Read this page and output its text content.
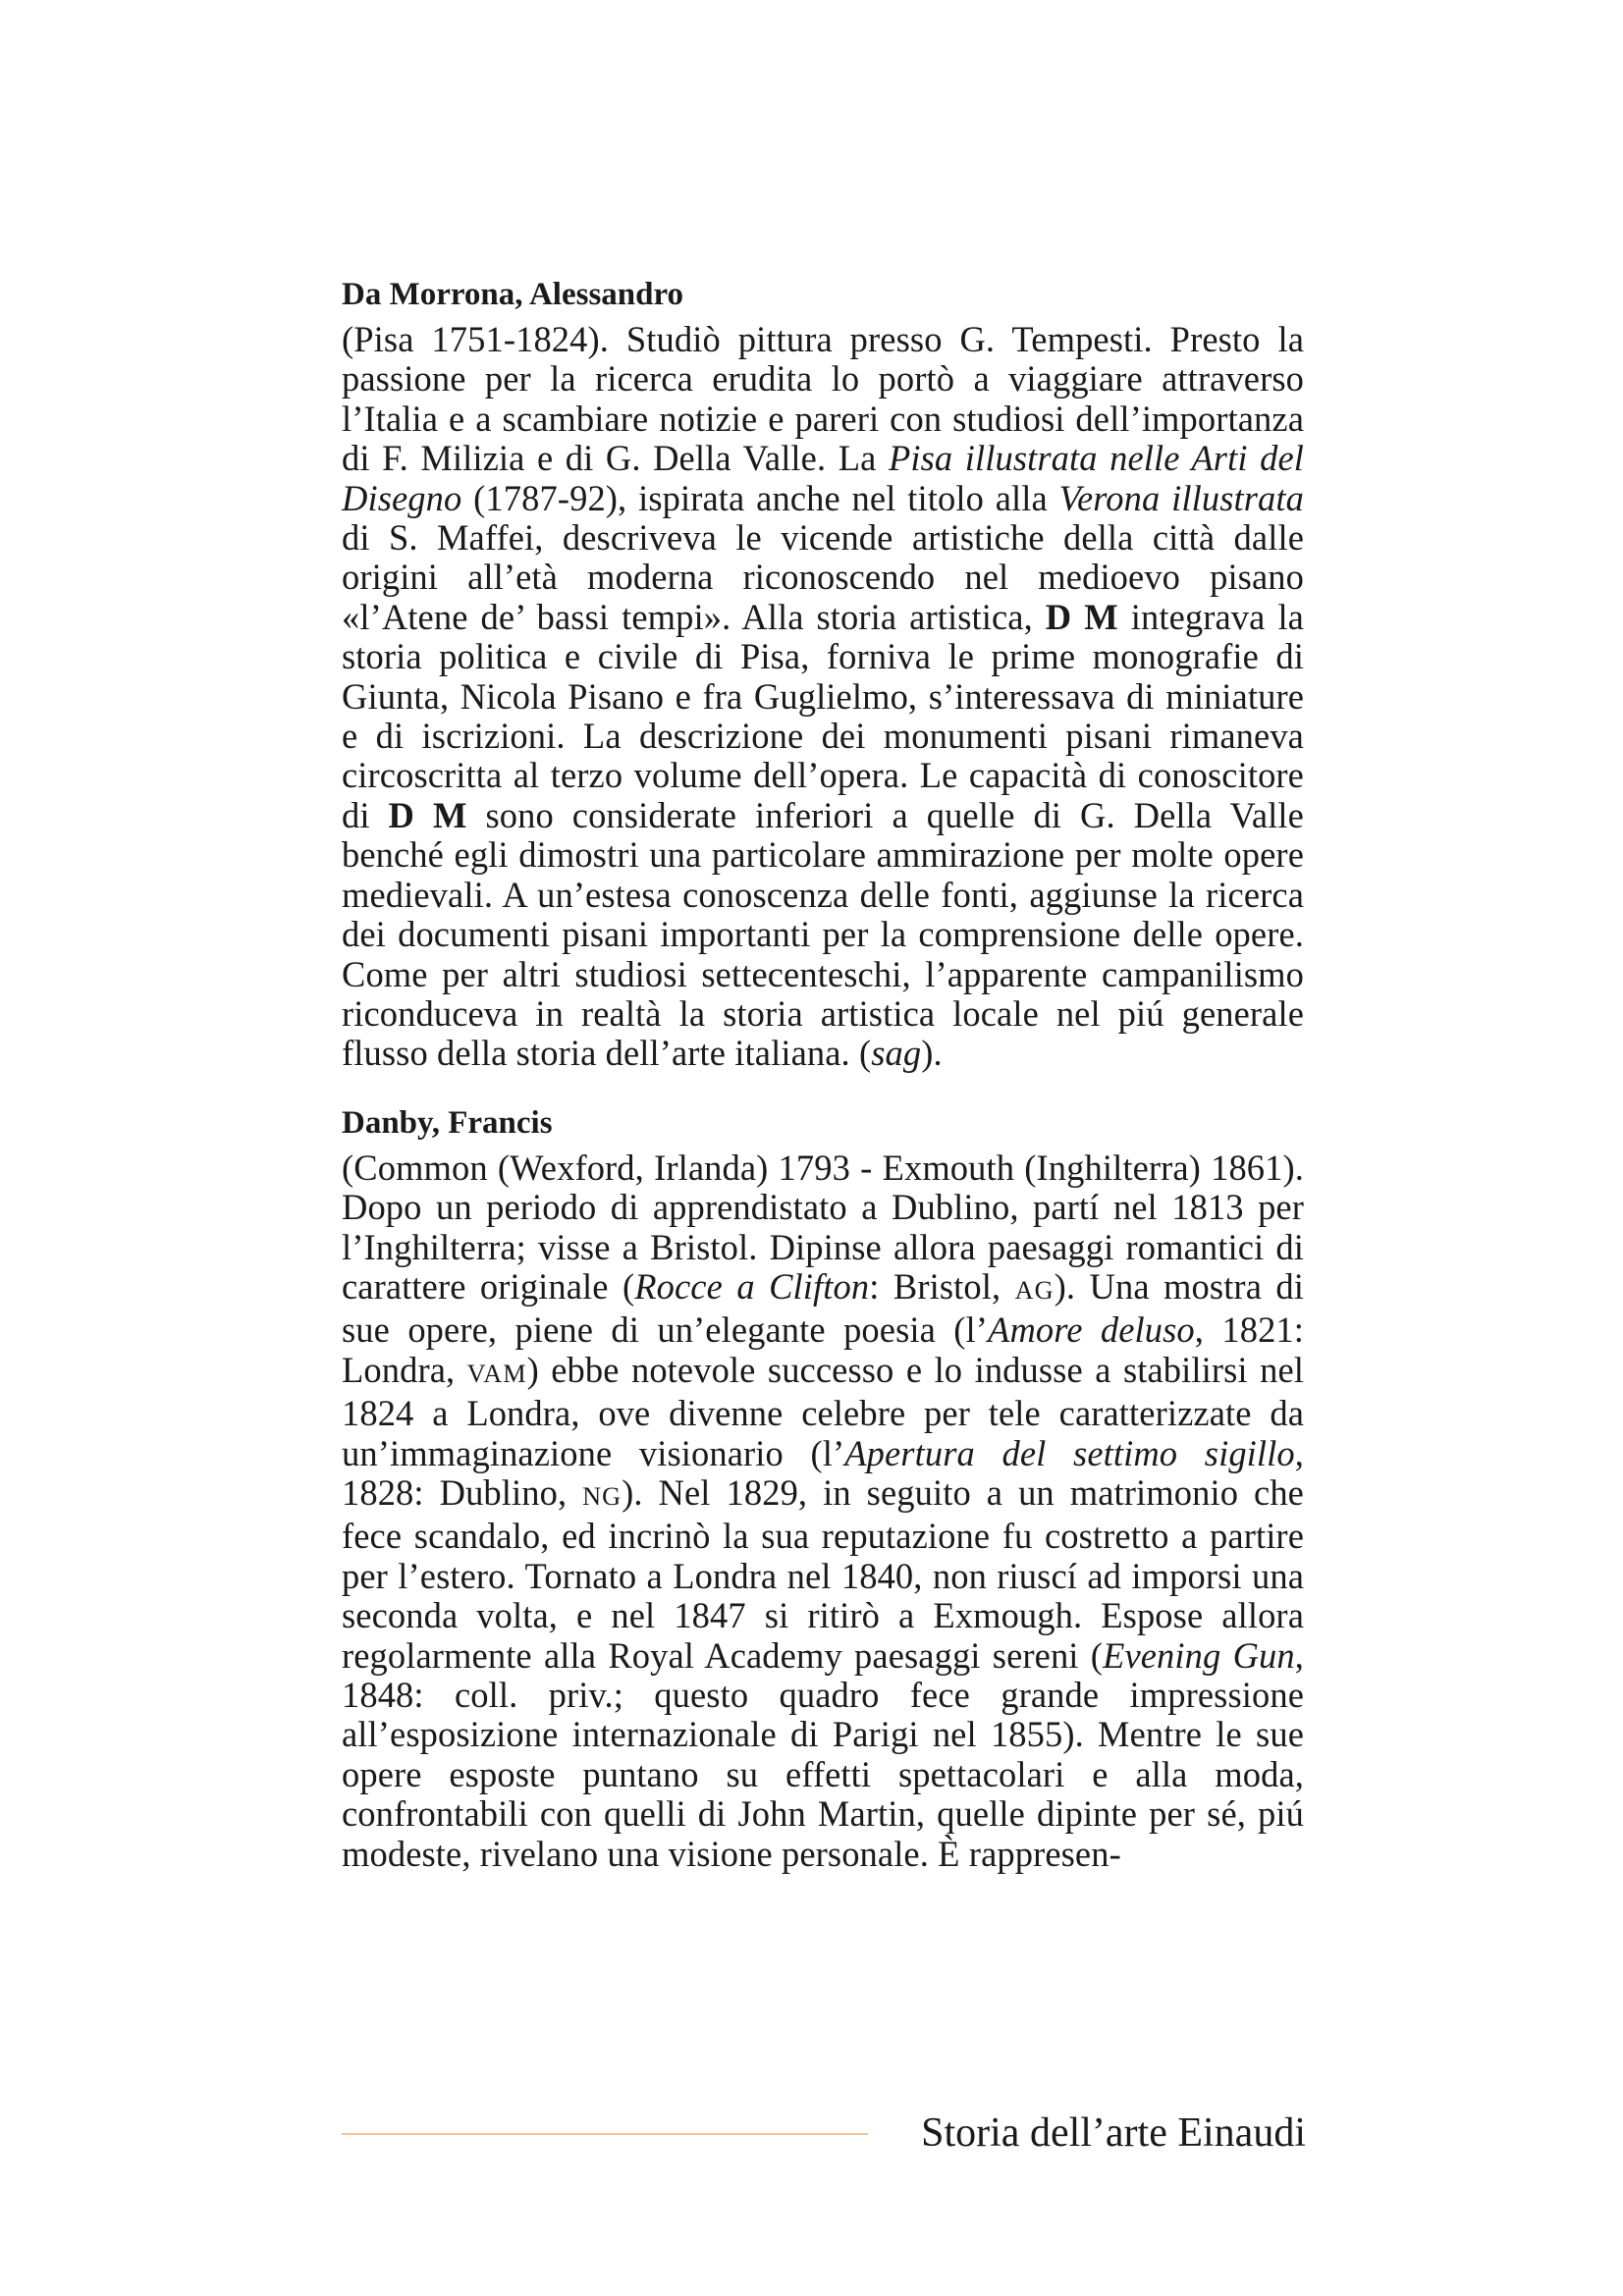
Da Morrona, Alessandro

(Pisa 1751-1824). Studiò pittura presso G. Tempesti. Presto la passione per la ricerca erudita lo portò a viaggiare attraverso l’Italia e a scambiare notizie e pareri con studiosi dell’importanza di F. Milizia e di G. Della Valle. La Pisa illustrata nelle Arti del Disegno (1787-92), ispirata anche nel titolo alla Verona illustrata di S. Maffei, descriveva le vicende artistiche della città dalle origini all’età moderna riconoscendo nel medioevo pisano «l’Atene de’ bassi tempi». Alla storia artistica, D M integrava la storia politica e civile di Pisa, forniva le prime monografie di Giunta, Nicola Pisano e fra Guglielmo, s’interessava di miniature e di iscrizioni. La descrizione dei monumenti pisani rimaneva circoscritta al terzo volume dell’opera. Le capacità di conoscitore di D M sono considerate inferiori a quelle di G. Della Valle benché egli dimostri una particolare ammirazione per molte opere medievali. A un’estesa conoscenza delle fonti, aggiunse la ricerca dei documenti pisani importanti per la comprensione delle opere. Come per altri studiosi settecenteschi, l’apparente campanilismo riconduceva in realtà la storia artistica locale nel piú generale flusso della storia dell’arte italiana. (sag).

Danby, Francis

(Common (Wexford, Irlanda) 1793 - Exmouth (Inghilterra) 1861). Dopo un periodo di apprendistato a Dublino, partí nel 1813 per l’Inghilterra; visse a Bristol. Dipinse allora paesaggi romantici di carattere originale (Rocce a Clifton: Bristol, AG). Una mostra di sue opere, piene di un’elegante poesia (l’Amore deluso, 1821: Londra, VAM) ebbe notevole successo e lo indusse a stabilirsi nel 1824 a Londra, ove divenne celebre per tele caratterizzate da un’immaginazione visionario (l’Apertura del settimo sigillo, 1828: Dublino, NG). Nel 1829, in seguito a un matrimonio che fece scandalo, ed incrinò la sua reputazione fu costretto a partire per l’estero. Tornato a Londra nel 1840, non riuscí ad imporsi una seconda volta, e nel 1847 si ritirò a Exmough. Espose allora regolarmente alla Royal Academy paesaggi sereni (Evening Gun, 1848: coll. priv.; questo quadro fece grande impressione all’esposizione internazionale di Parigi nel 1855). Mentre le sue opere esposte puntano su effetti spettacolari e alla moda, confrontabili con quelli di John Martin, quelle dipinte per sé, piú modeste, rivelano una visione personale. È rappresen-

Storia dell’arte Einaudi
